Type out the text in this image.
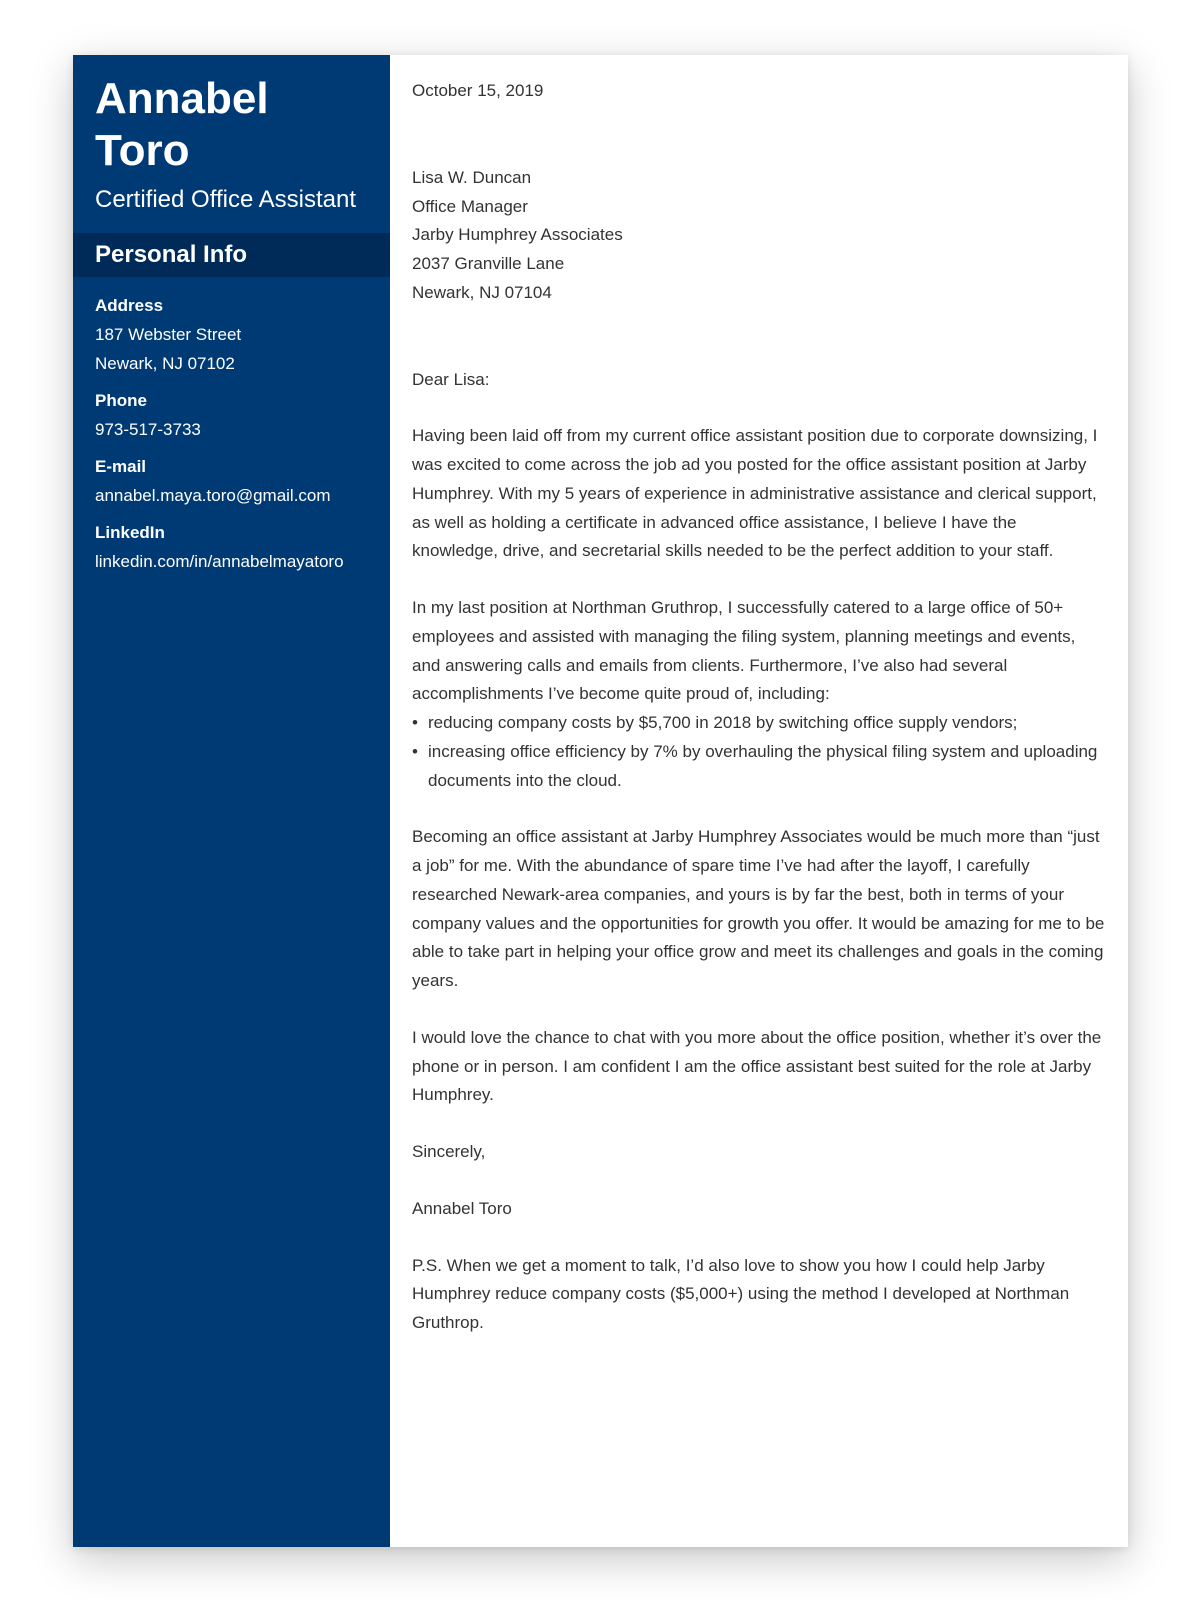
Annabel
Toro
Certified Office Assistant
Personal Info
Address
187 Webster Street
Newark, NJ 07102
Phone
973-517-3733
E-mail
annabel.maya.toro@gmail.com
LinkedIn
linkedin.com/in/annabelmayatoro
October 15, 2019
Lisa W. Duncan
Office Manager
Jarby Humphrey Associates
2037 Granville Lane
Newark, NJ 07104
Dear Lisa:

Having been laid off from my current office assistant position due to corporate downsizing, I was excited to come across the job ad you posted for the office assistant position at Jarby Humphrey. With my 5 years of experience in administrative assistance and clerical support, as well as holding a certificate in advanced office assistance, I believe I have the knowledge, drive, and secretarial skills needed to be the perfect addition to your staff.

In my last position at Northman Gruthrop, I successfully catered to a large office of 50+ employees and assisted with managing the filing system, planning meetings and events, and answering calls and emails from clients. Furthermore, I’ve also had several accomplishments I’ve become quite proud of, including:

• reducing company costs by $5,700 in 2018 by switching office supply vendors;
• increasing office efficiency by 7% by overhauling the physical filing system and uploading documents into the cloud.

Becoming an office assistant at Jarby Humphrey Associates would be much more than “just a job” for me. With the abundance of spare time I’ve had after the layoff, I carefully researched Newark-area companies, and yours is by far the best, both in terms of your company values and the opportunities for growth you offer. It would be amazing for me to be able to take part in helping your office grow and meet its challenges and goals in the coming years.

I would love the chance to chat with you more about the office position, whether it’s over the phone or in person. I am confident I am the office assistant best suited for the role at Jarby Humphrey.

Sincerely,
Annabel Toro

P.S. When we get a moment to talk, I’d also love to show you how I could help Jarby Humphrey reduce company costs ($5,000+) using the method I developed at Northman Gruthrop.
